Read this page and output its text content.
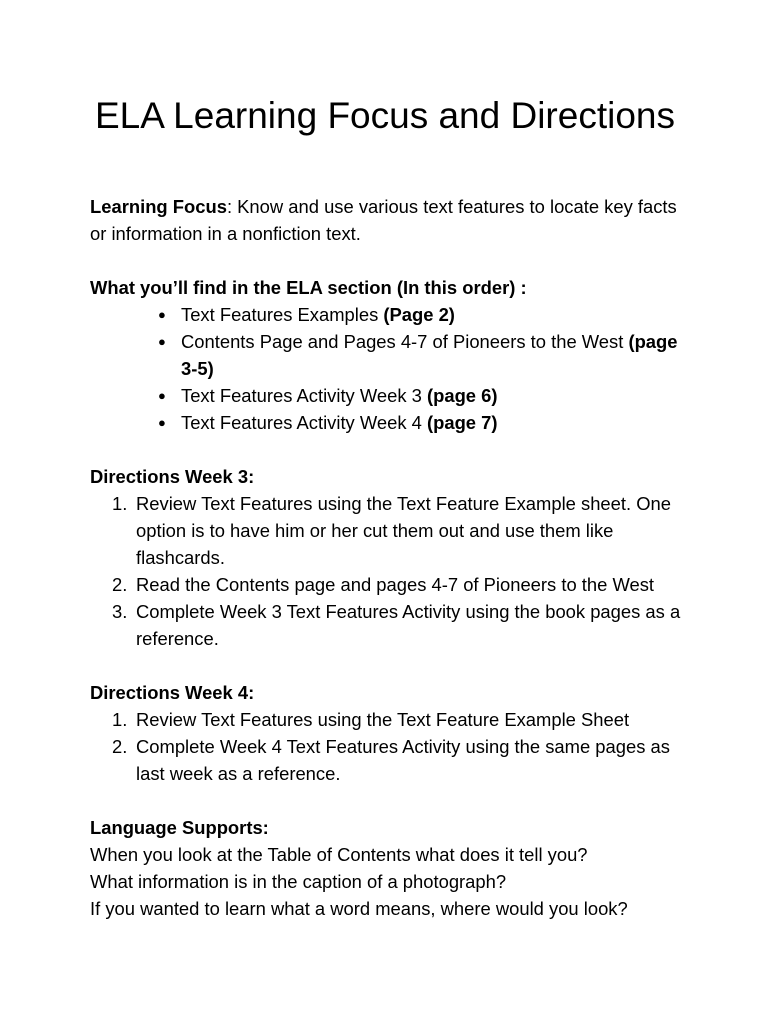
ELA Learning Focus and Directions

Learning Focus: Know and use various text features to locate key facts or information in a nonfiction text.

What you’ll find in the ELA section (In this order) :

● Text Features Examples (Page 2)
● Contents Page and Pages 4-7 of Pioneers to the West (page 3-5)
● Text Features Activity Week 3 (page 6)
● Text Features Activity Week 4 (page 7)

Directions Week 3:

1. Review Text Features using the Text Feature Example sheet. One option is to have him or her cut them out and use them like flashcards.
2. Read the Contents page and pages 4-7 of Pioneers to the West
3. Complete Week 3 Text Features Activity using the book pages as a reference.

Directions Week 4:

1. Review Text Features using the Text Feature Example Sheet
2. Complete Week 4 Text Features Activity using the same pages as last week as a reference.

Language Supports:

When you look at the Table of Contents what does it tell you?

What information is in the caption of a photograph?

If you wanted to learn what a word means, where would you look?
